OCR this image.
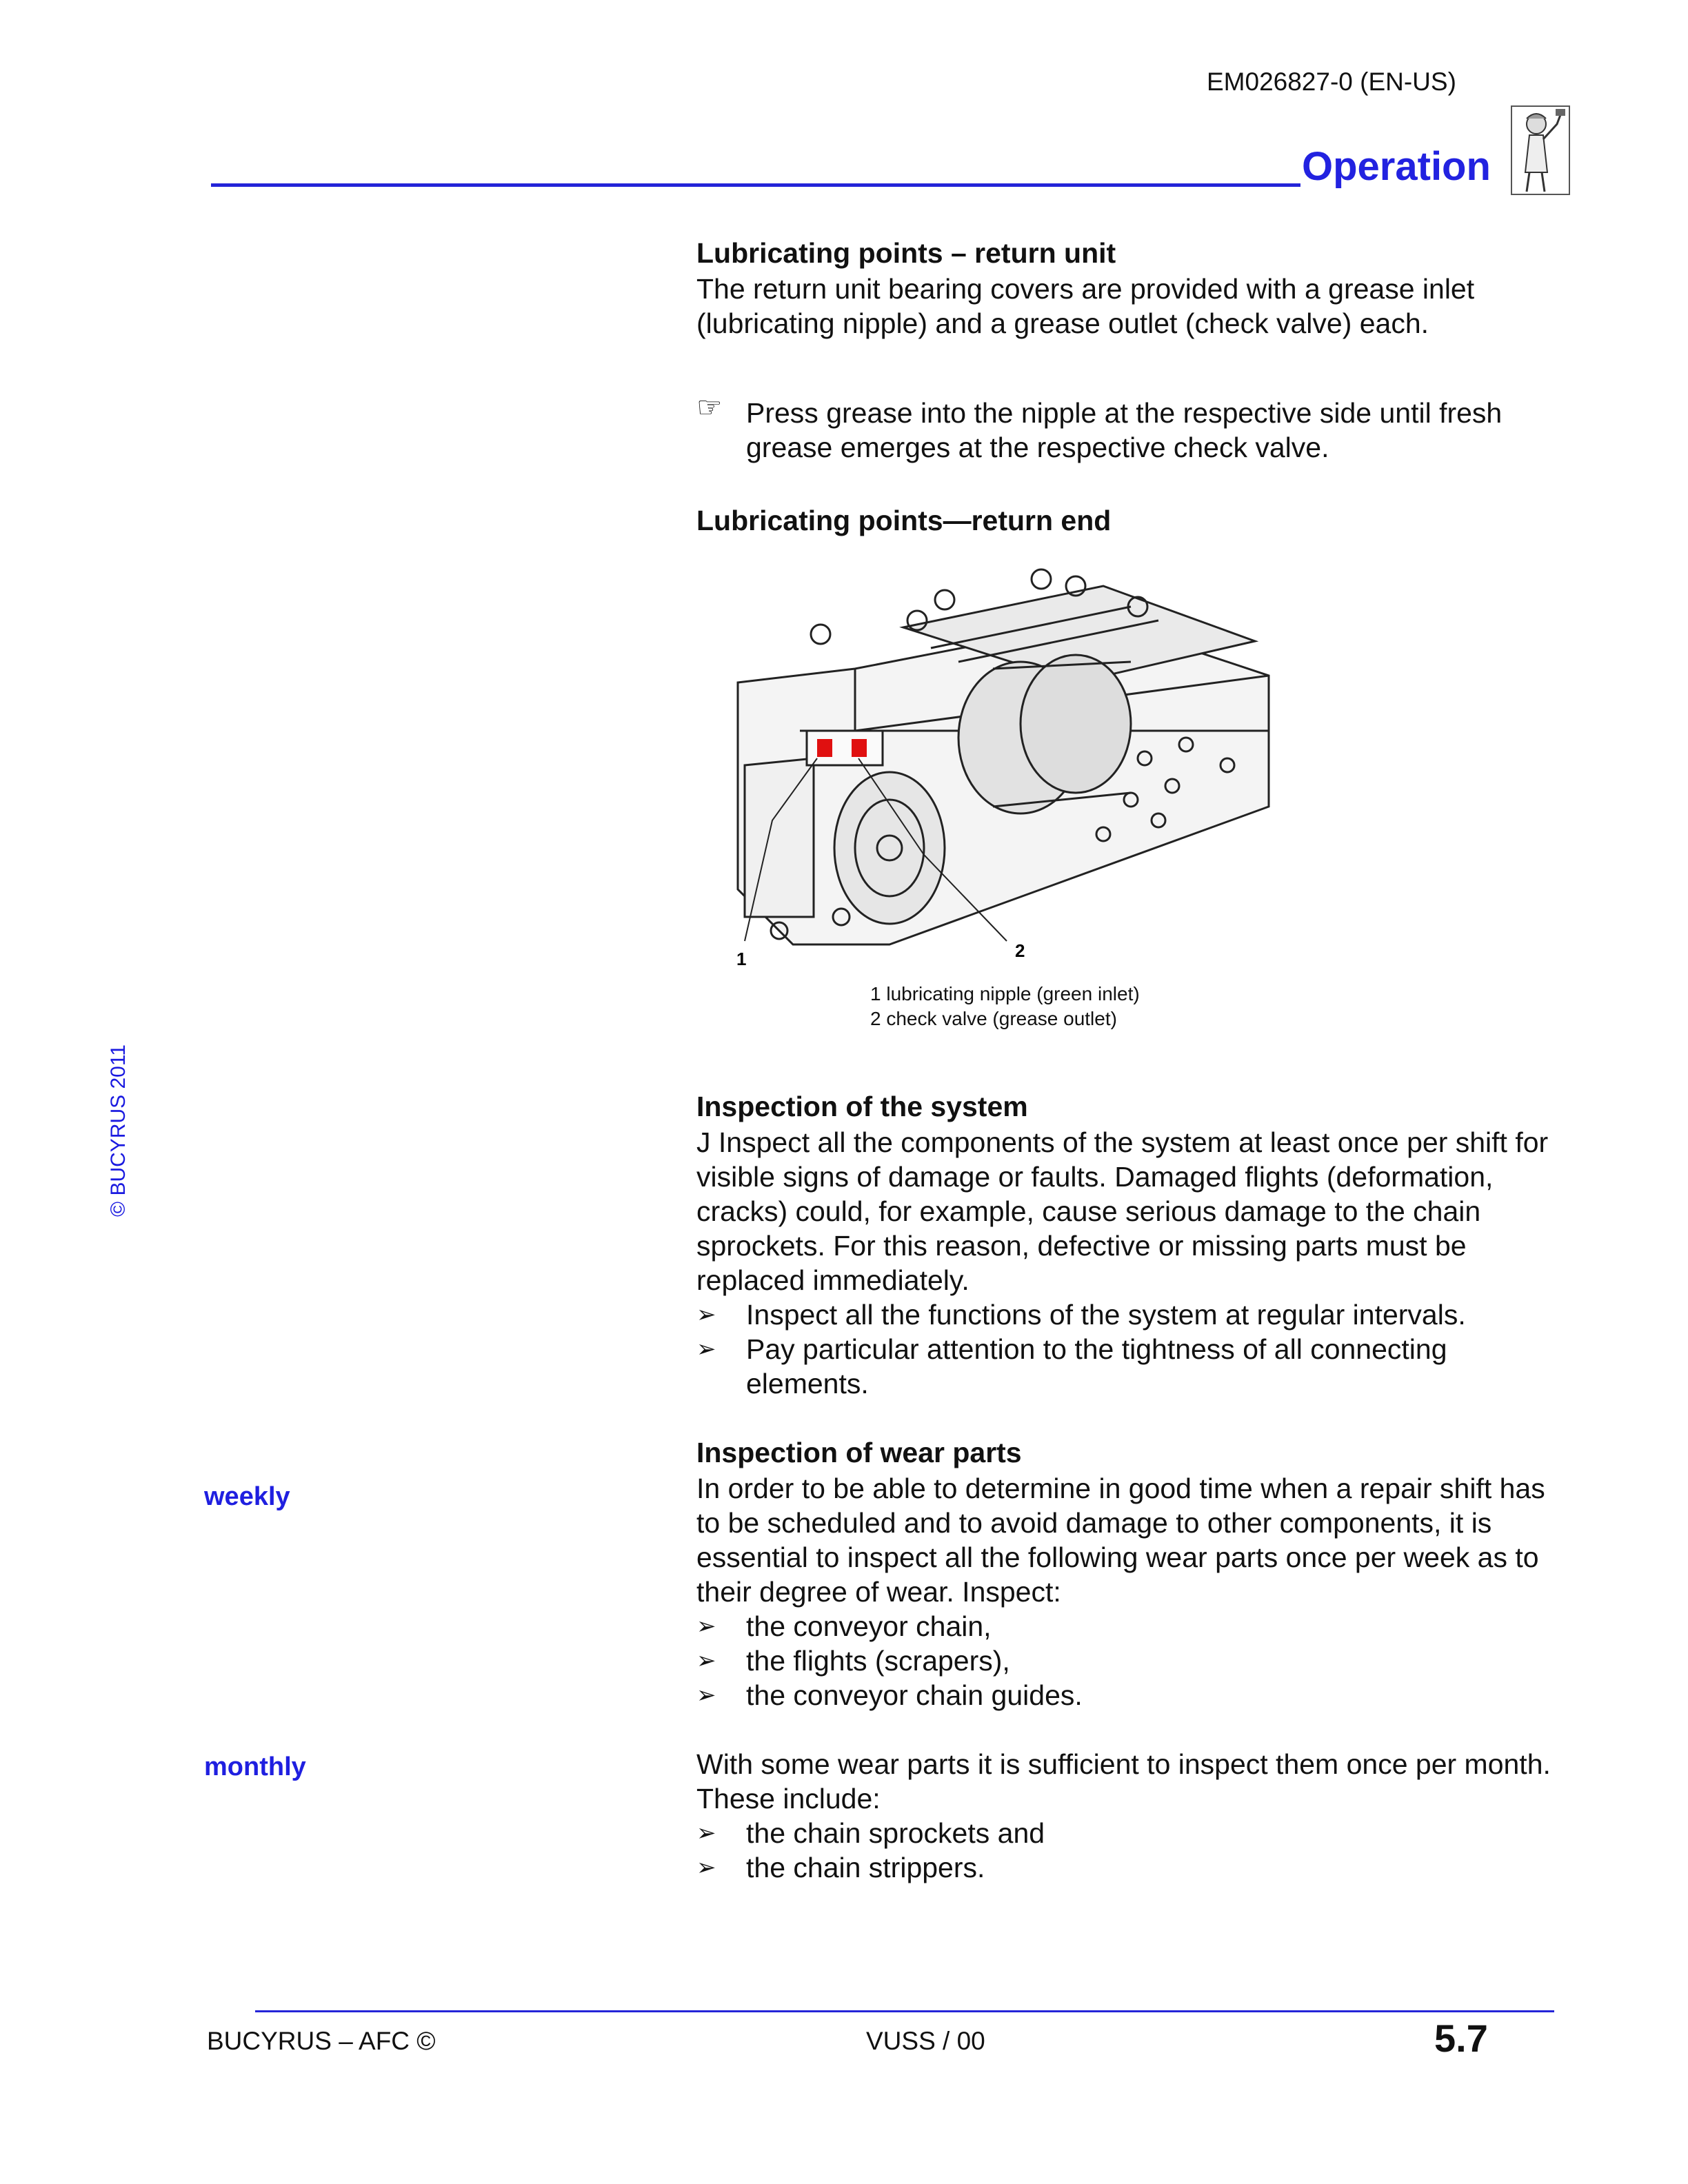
EM026827-0 (EN-US)
Operation
© BUCYRUS 2011
weekly
monthly
Lubricating points – return unit
The return unit bearing covers are provided with a grease inlet (lubricating nipple) and a grease outlet (check valve) each.
☞ Press grease into the nipple at the respective side until fresh grease emerges at the respective check valve.
Lubricating points—return end
1	2
1 lubricating nipple (green inlet)
2 check valve (grease outlet)
Inspection of the system
J Inspect all the components of the system at least once per shift for visible signs of damage or faults. Damaged flights (deformation, cracks) could, for example, cause serious damage to the chain sprockets. For this reason, defective or missing parts must be replaced immediately.
➢	Inspect all the functions of the system at regular intervals.
➢	Pay particular attention to the tightness of all connecting elements.
Inspection of wear parts
In order to be able to determine in good time when a repair shift has to be scheduled and to avoid damage to other components, it is essential to inspect all the following wear parts once per week as to their degree of wear. Inspect:
➢	the conveyor chain,
➢	the flights (scrapers),
➢	the conveyor chain guides.
With some wear parts it is sufficient to inspect them once per month. These include:
➢	the chain sprockets and
➢	the chain strippers.
BUCYRUS – AFC ©	VUSS / 00	5.7
